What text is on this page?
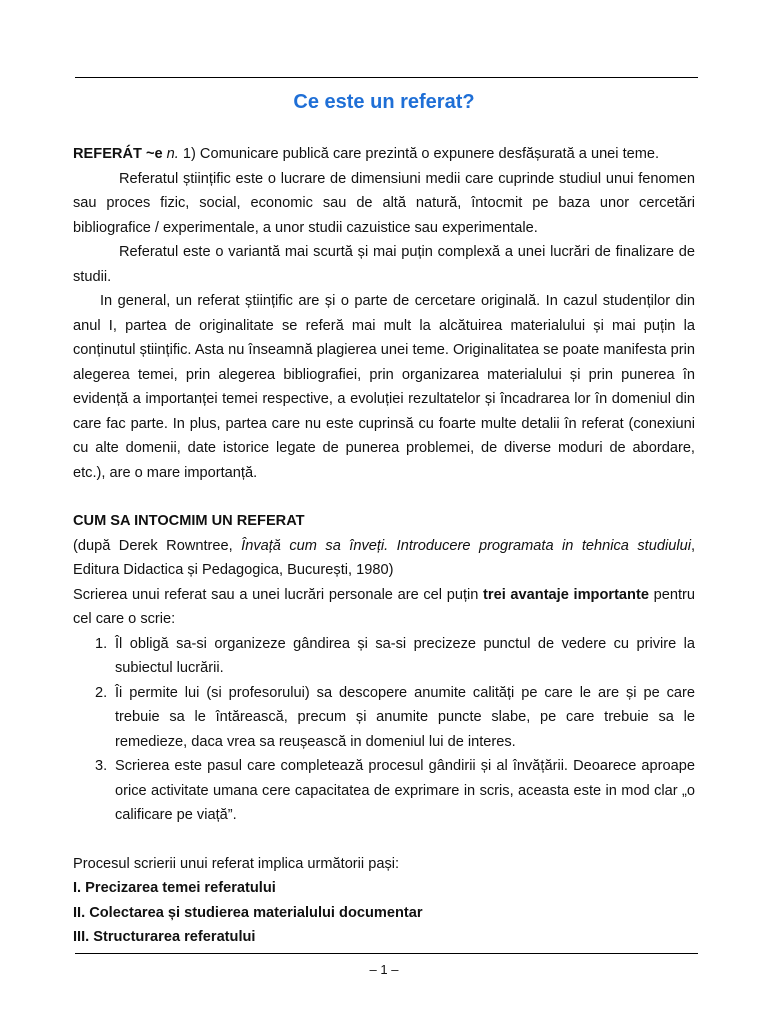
Ce este un referat?

REFERÁT ~e n. 1) Comunicare publică care prezintă o expunere desfășurată a unei teme.

Referatul științific este o lucrare de dimensiuni medii care cuprinde studiul unui fenomen sau proces fizic, social, economic sau de altă natură, întocmit pe baza unor cercetări bibliografice / experimentale, a unor studii cazuistice sau experimentale.

Referatul este o variantă mai scurtă și mai puțin complexă a unei lucrări de finalizare de studii.

In general, un referat științific are și o parte de cercetare originală. In cazul studenților din anul I, partea de originalitate se referă mai mult la alcătuirea materialului și mai puțin la conținutul științific. Asta nu înseamnă plagierea unei teme. Originalitatea se poate manifesta prin alegerea temei, prin alegerea bibliografiei, prin organizarea materialului și prin punerea în evidență a importanței temei respective, a evoluției rezultatelor și încadrarea lor în domeniul din care fac parte. In plus, partea care nu este cuprinsă cu foarte multe detalii în referat (conexiuni cu alte domenii, date istorice legate de punerea problemei, de diverse moduri de abordare, etc.), are o mare importanță.

CUM SA INTOCMIM UN REFERAT

(după Derek Rowntree, Învață cum sa înveți. Introducere programata in tehnica studiului, Editura Didactica și Pedagogica, București, 1980)

Scrierea unui referat sau a unei lucrări personale are cel puțin trei avantaje importante pentru cel care o scrie:

1. Îl obligă sa-si organizeze gândirea și sa-si precizeze punctul de vedere cu privire la subiectul lucrării.
2. Îi permite lui (si profesorului) sa descopere anumite calități pe care le are și pe care trebuie sa le întărească, precum și anumite puncte slabe, pe care trebuie sa le remedieze, daca vrea sa reușească in domeniul lui de interes.
3. Scrierea este pasul care completează procesul gândirii și al învățării. Deoarece aproape orice activitate umana cere capacitatea de exprimare in scris, aceasta este in mod clar „o calificare pe viață”.

Procesul scrierii unui referat implica următorii pași:

I. Precizarea temei referatului

II. Colectarea și studierea materialului documentar

III. Structurarea referatului

– 1 –
